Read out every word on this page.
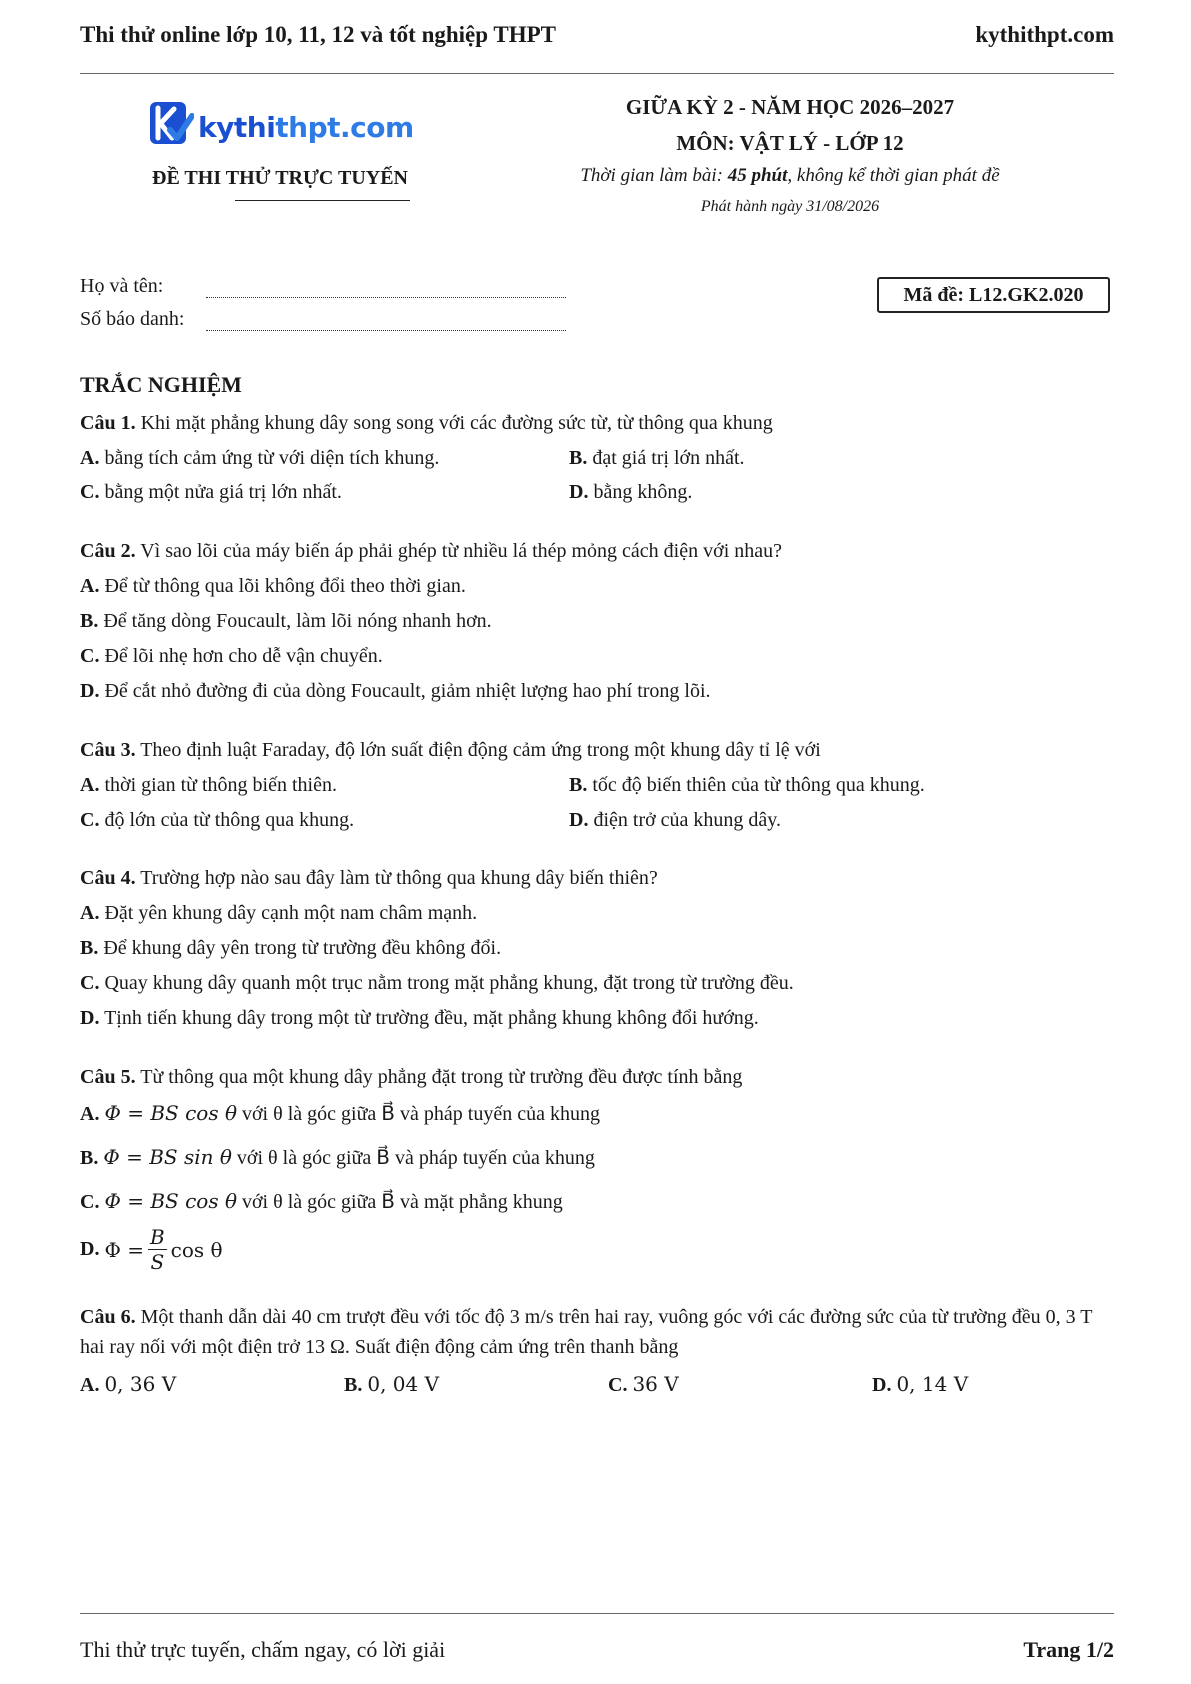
Thi thử online lớp 10, 11, 12 và tốt nghiệp THPT	kythithpt.com
kythithpt.com
ĐỀ THI THỬ TRỰC TUYẾN
GIỮA KỲ 2 - NĂM HỌC 2026–2027
MÔN: VẬT LÝ - LỚP 12
Thời gian làm bài: 45 phút, không kể thời gian phát đề
Phát hành ngày 31/08/2026
Họ và tên:
Số báo danh:
Mã đề: L12.GK2.020
TRẮC NGHIỆM
Câu 1. Khi mặt phẳng khung dây song song với các đường sức từ, từ thông qua khung
A. bằng tích cảm ứng từ với diện tích khung.	B. đạt giá trị lớn nhất.
C. bằng một nửa giá trị lớn nhất.	D. bằng không.
Câu 2. Vì sao lõi của máy biến áp phải ghép từ nhiều lá thép mỏng cách điện với nhau?
A. Để từ thông qua lõi không đổi theo thời gian.
B. Để tăng dòng Foucault, làm lõi nóng nhanh hơn.
C. Để lõi nhẹ hơn cho dễ vận chuyển.
D. Để cắt nhỏ đường đi của dòng Foucault, giảm nhiệt lượng hao phí trong lõi.
Câu 3. Theo định luật Faraday, độ lớn suất điện động cảm ứng trong một khung dây tỉ lệ với
A. thời gian từ thông biến thiên.	B. tốc độ biến thiên của từ thông qua khung.
C. độ lớn của từ thông qua khung.	D. điện trở của khung dây.
Câu 4. Trường hợp nào sau đây làm từ thông qua khung dây biến thiên?
A. Đặt yên khung dây cạnh một nam châm mạnh.
B. Để khung dây yên trong từ trường đều không đổi.
C. Quay khung dây quanh một trục nằm trong mặt phẳng khung, đặt trong từ trường đều.
D. Tịnh tiến khung dây trong một từ trường đều, mặt phẳng khung không đổi hướng.
Câu 5. Từ thông qua một khung dây phẳng đặt trong từ trường đều được tính bằng
A. Φ = BS cos θ với θ là góc giữa B⃗ và pháp tuyến của khung
B. Φ = BS sin θ với θ là góc giữa B⃗ và pháp tuyến của khung
C. Φ = BS cos θ với θ là góc giữa B⃗ và mặt phẳng khung
D.
$\Phi = \frac{B}{S}$ cos θ
Câu 6. Một thanh dẫn dài 40 cm trượt đều với tốc độ 3 m/s trên hai ray, vuông góc với các đường sức của từ trường đều 0, 3 T hai ray nối với một điện trở 13 Ω. Suất điện động cảm ứng trên thanh bằng
A. 0, 36 V	B. 0, 04 V	C. 36 V	D. 0, 14 V
Thi thử trực tuyến, chấm ngay, có lời giải	Trang 1/2
